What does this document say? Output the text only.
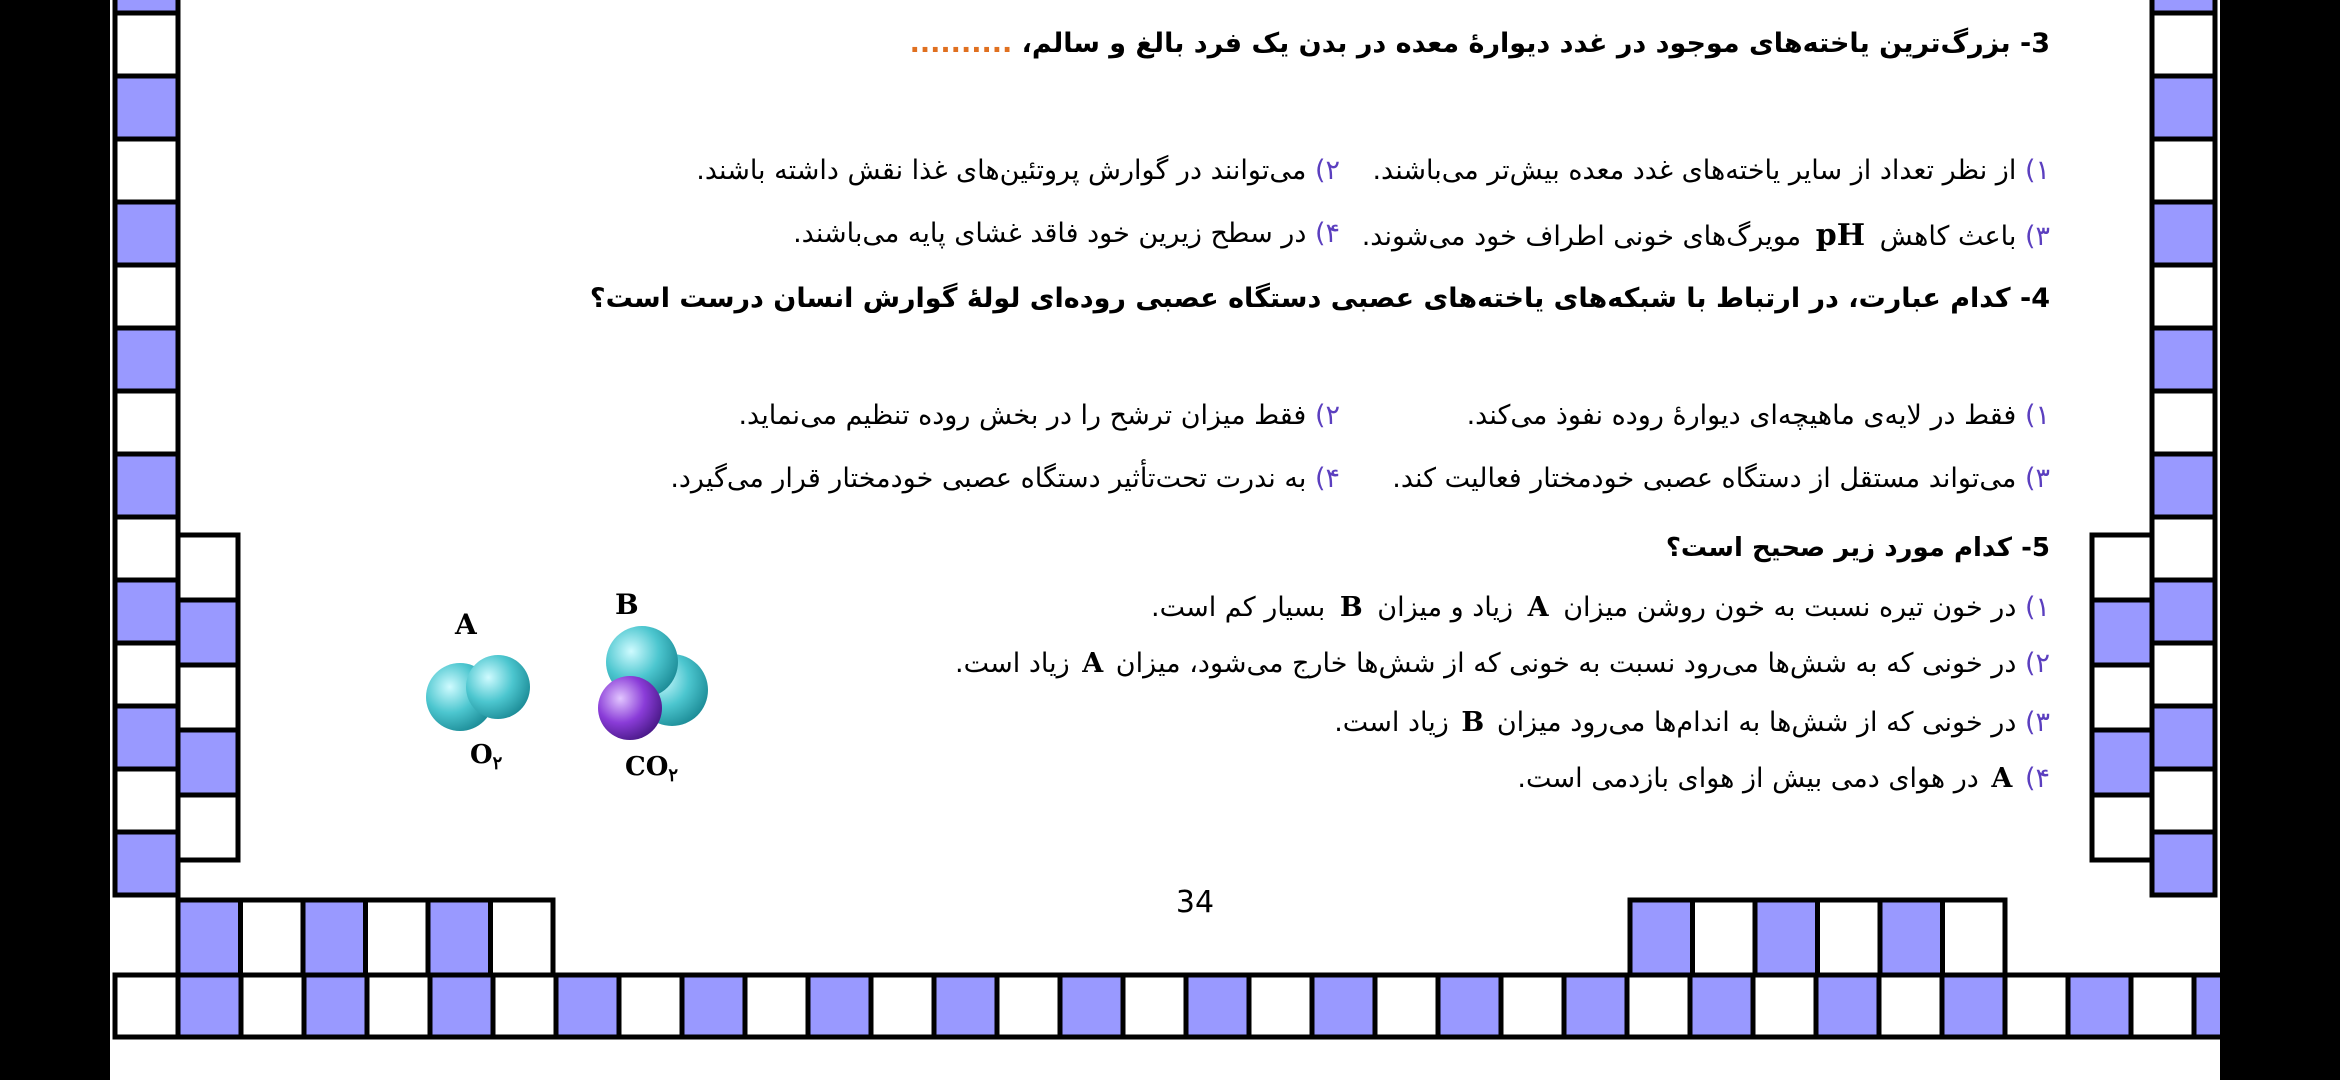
3- بزرگ‌ترین یاخته‌های موجود در غدد دیوارهٔ معده در بدن یک فرد بالغ و سالم، ..........
۱) از نظر تعداد از سایر یاخته‌های غدد معده بیش‌تر می‌باشند.
۲) می‌توانند در گوارش پروتئین‌های غذا نقش داشته باشند.
۳) باعث کاهش pH مویرگ‌های خونی اطراف خود می‌شوند.
۴) در سطح زیرین خود فاقد غشای پایه می‌باشند.
4- کدام عبارت، در ارتباط با شبکه‌های یاخته‌های عصبی دستگاه عصبی روده‌ای لولهٔ گوارش انسان درست است؟
۱) فقط در لایه‌ی ماهیچه‌ای دیوارهٔ روده نفوذ می‌کند.
۲) فقط میزان ترشح را در بخش روده تنظیم می‌نماید.
۳) می‌تواند مستقل از دستگاه عصبی خودمختار فعالیت کند.
۴) به ندرت تحت‌تأثیر دستگاه عصبی خودمختار قرار می‌گیرد.
5- کدام مورد زیر صحیح است؟
۱) در خون تیره نسبت به خون روشن میزان A زیاد و میزان B بسیار کم است.
۲) در خونی که به شش‌ها می‌رود نسبت به خونی که از شش‌ها خارج می‌شود، میزان A زیاد است.
۳) در خونی که از شش‌ها به اندام‌ها می‌رود میزان B زیاد است.
۴) A در هوای دمی بیش از هوای بازدمی است.
A
B
$O_۲$	$CO_۲$
34
